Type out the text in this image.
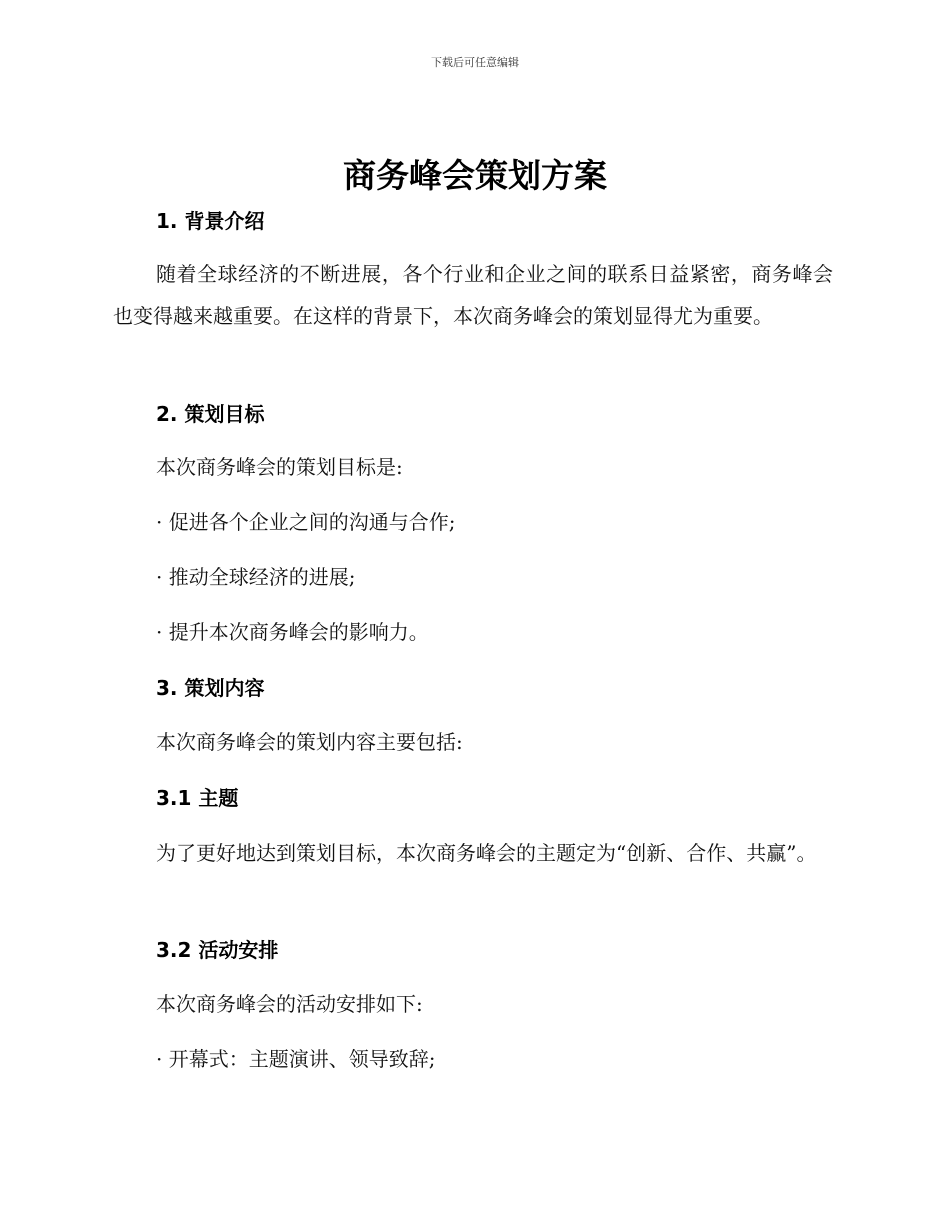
下载后可任意编辑
商务峰会策划方案
1. 背景介绍

随着全球经济的不断进展，各个行业和企业之间的联系日益紧密，商务峰会也变得越来越重要。在这样的背景下，本次商务峰会的策划显得尤为重要。

2. 策划目标
本次商务峰会的策划目标是:
· 促进各个企业之间的沟通与合作;
· 推动全球经济的进展;
· 提升本次商务峰会的影响力。
3. 策划内容
本次商务峰会的策划内容主要包括:
3.1 主题

为了更好地达到策划目标，本次商务峰会的主题定为“创新、合作、共赢”。

3.2 活动安排
本次商务峰会的活动安排如下:
· 开幕式：主题演讲、领导致辞;
